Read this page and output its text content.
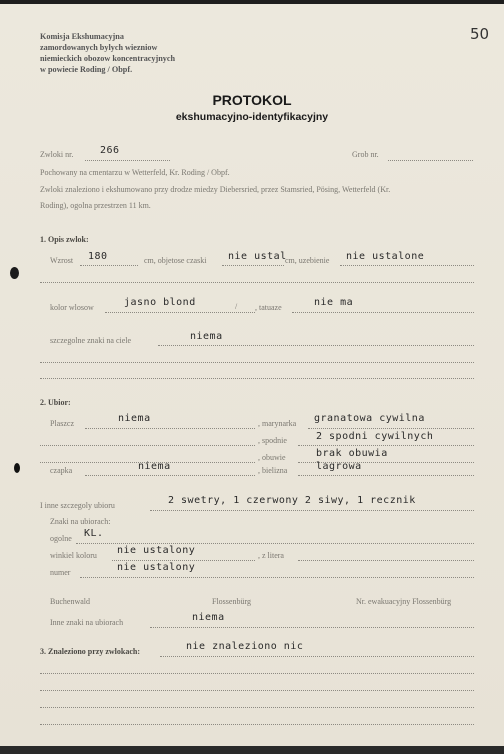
Komisja Ekshumacyjna
zamordowanych bylych wiezniow
niemieckich obozow koncentracyjnych
w powiecie Roding / Obpf.
50
PROTOKOL
ekshumacyjno-identyfikacyjny
Zwloki nr.	266	Grob nr.
Pochowany na cmentarzu w Wetterfeld, Kr. Roding / Obpf.
Zwloki znaleziono i ekshumowano przy drodze miedzy Diebersried, przez Stamsried, Pösing, Wetterfeld (Kr.
Roding), ogolna przestrzen 11 km.
1. Opis zwlok:
Wzrost 180	cm, objetose czaski nie ustal
cm, uzebienie nie ustalone
kolor wlosow	jasno blond	/ , tatuaze	nie ma
szczegolne znaki na ciele	niema
2. Ubior:
Plaszcz	niema	, marynarka granatowa cywilna
, spodnie	2 spodni cywilnych
, obuwie	brak obuwia
czapka	niema	, bielizna	lagrowa
I inne szczegoly ubioru	2 swetry, 1 czerwony 2 siwy, 1 recznik
Znaki na ubiorach:
ogolne KL.
winkiel koloru nie ustalony	, z litera
numer	nie ustalony
Buchenwald	Flossenbürg	Nr. ewakuacyjny Flossenbürg
Inne znaki na ubiorach	niema
3. Znaleziono przy zwlokach:	nie znaleziono nic
